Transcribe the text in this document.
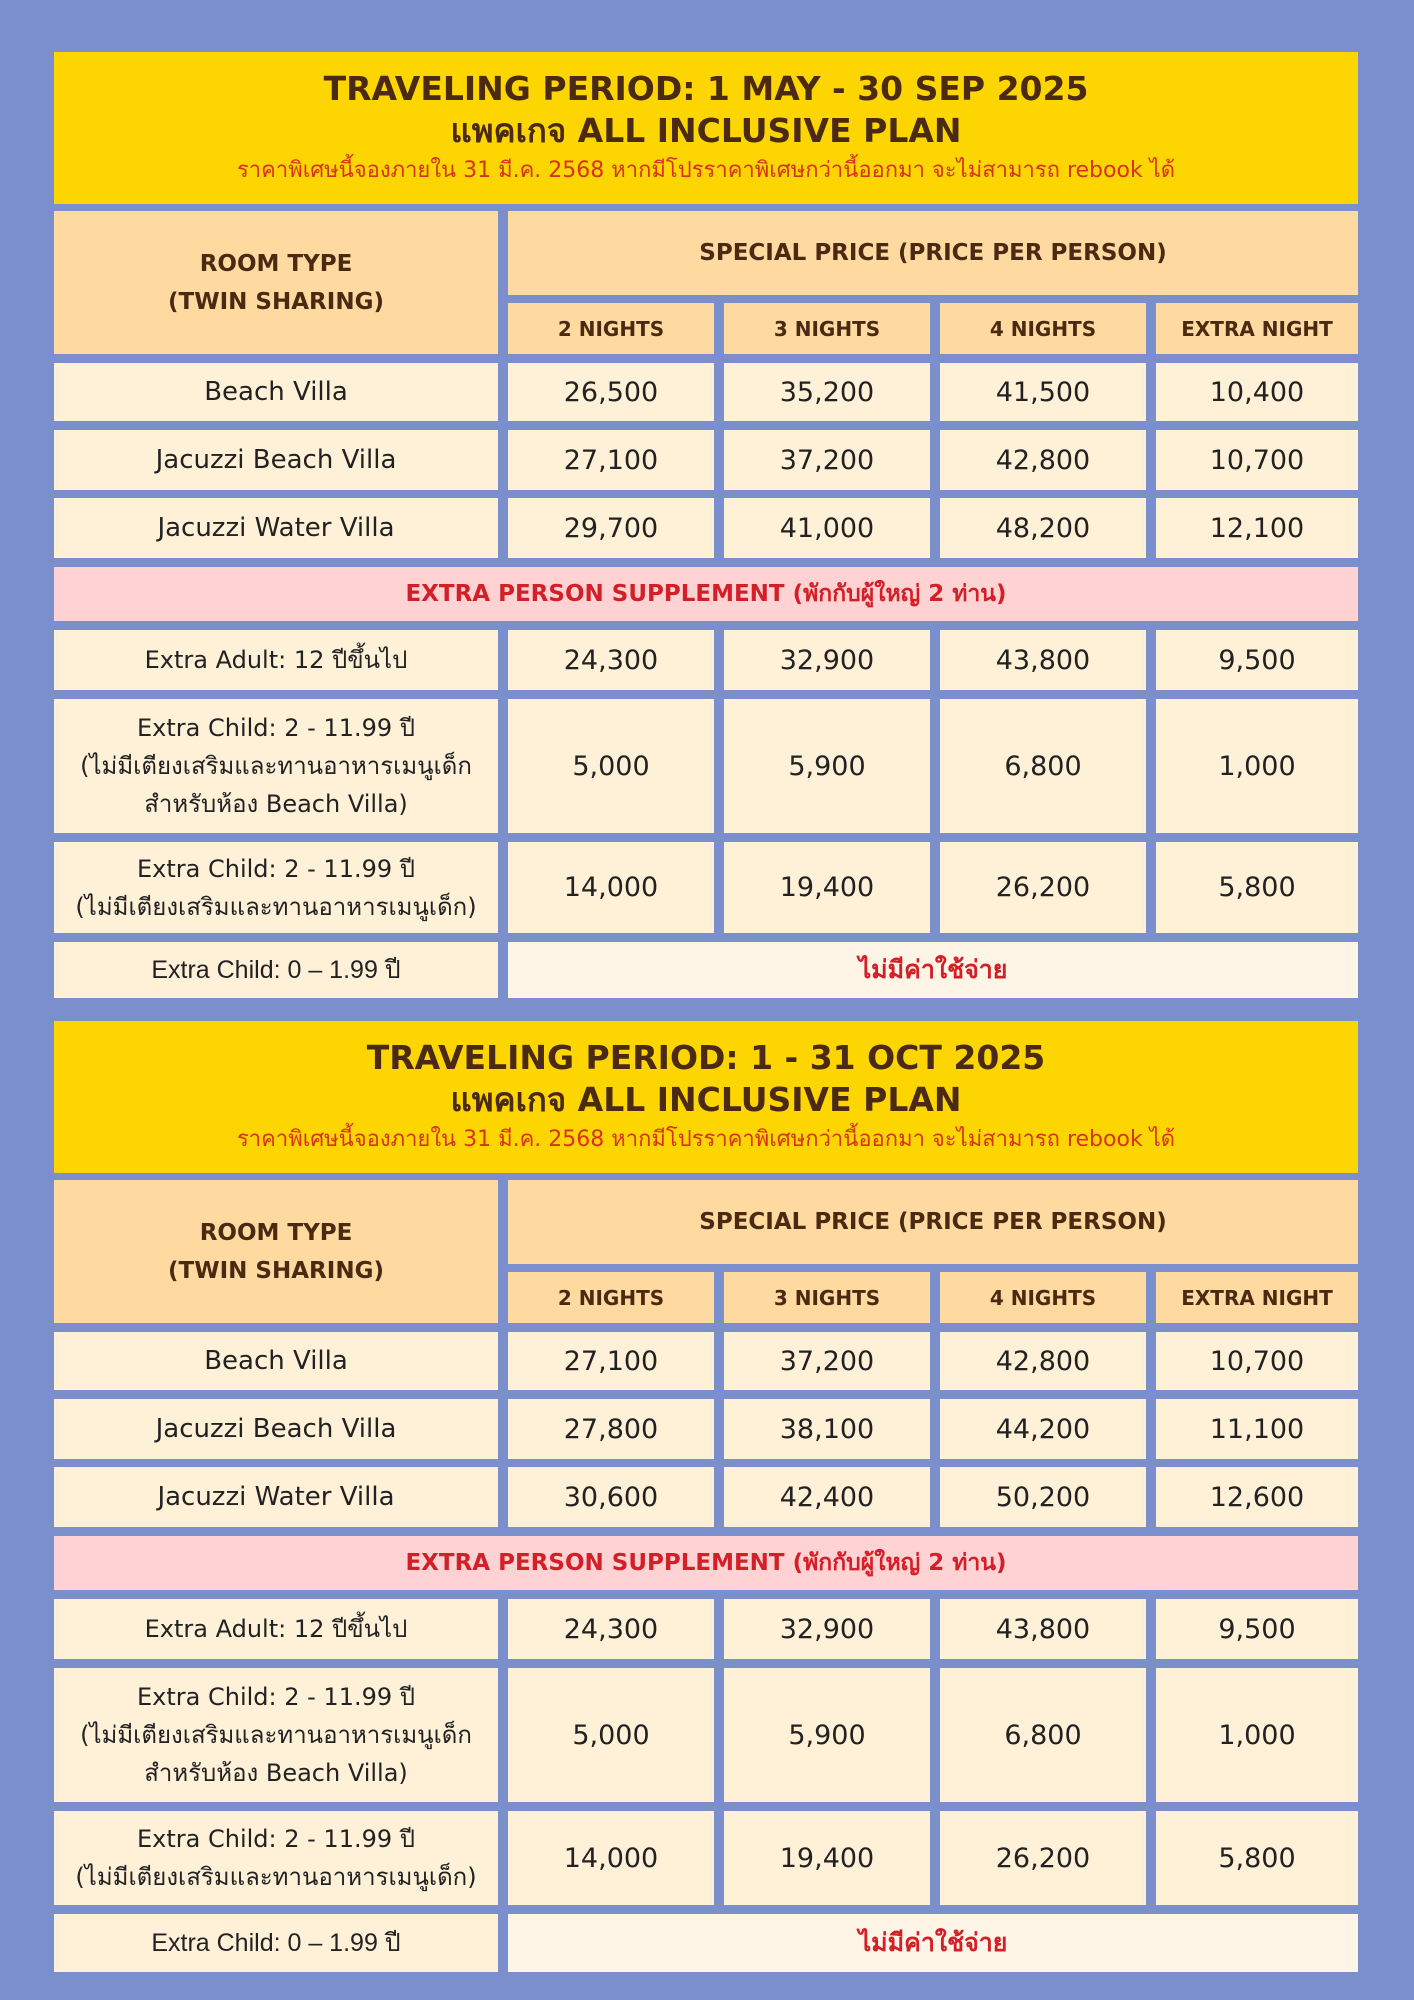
TRAVELING PERIOD: 1 MAY - 30 SEP 2025
แพคเกจ ALL INCLUSIVE PLAN
ราคาพิเศษนี้จองภายใน 31 มี.ค. 2568 หากมีโปรราคาพิเศษกว่านี้ออกมา จะไม่สามารถ rebook ได้
ROOM TYPE
(TWIN SHARING)
SPECIAL PRICE (PRICE PER PERSON)
2 NIGHTS	3 NIGHTS	4 NIGHTS	EXTRA NIGHT
Beach Villa	26,500	35,200	41,500	10,400
Jacuzzi Beach Villa	27,100	37,200	42,800	10,700
Jacuzzi Water Villa	29,700	41,000	48,200	12,100
EXTRA PERSON SUPPLEMENT (พักกับผู้ใหญ่ 2 ท่าน)
Extra Adult: 12 ปีขึ้นไป	24,300	32,900	43,800	9,500
Extra Child: 2 - 11.99 ปี
(ไม่มีเตียงเสริมและทานอาหารเมนูเด็ก
สำหรับห้อง Beach Villa)
5,000	5,900	6,800	1,000
Extra Child: 2 - 11.99 ปี
(ไม่มีเตียงเสริมและทานอาหารเมนูเด็ก)
14,000	19,400	26,200	5,800
Extra Child: 0 – 1.99 ปี	ไม่มีค่าใช้จ่าย
TRAVELING PERIOD: 1 - 31 OCT 2025
แพคเกจ ALL INCLUSIVE PLAN
ราคาพิเศษนี้จองภายใน 31 มี.ค. 2568 หากมีโปรราคาพิเศษกว่านี้ออกมา จะไม่สามารถ rebook ได้
ROOM TYPE
(TWIN SHARING)
SPECIAL PRICE (PRICE PER PERSON)
2 NIGHTS	3 NIGHTS	4 NIGHTS	EXTRA NIGHT
Beach Villa	27,100	37,200	42,800	10,700
Jacuzzi Beach Villa	27,800	38,100	44,200	11,100
Jacuzzi Water Villa	30,600	42,400	50,200	12,600
EXTRA PERSON SUPPLEMENT (พักกับผู้ใหญ่ 2 ท่าน)
Extra Adult: 12 ปีขึ้นไป	24,300	32,900	43,800	9,500
Extra Child: 2 - 11.99 ปี
(ไม่มีเตียงเสริมและทานอาหารเมนูเด็ก
สำหรับห้อง Beach Villa)
5,000	5,900	6,800	1,000
Extra Child: 2 - 11.99 ปี
(ไม่มีเตียงเสริมและทานอาหารเมนูเด็ก)
14,000	19,400	26,200	5,800
Extra Child: 0 – 1.99 ปี	ไม่มีค่าใช้จ่าย
